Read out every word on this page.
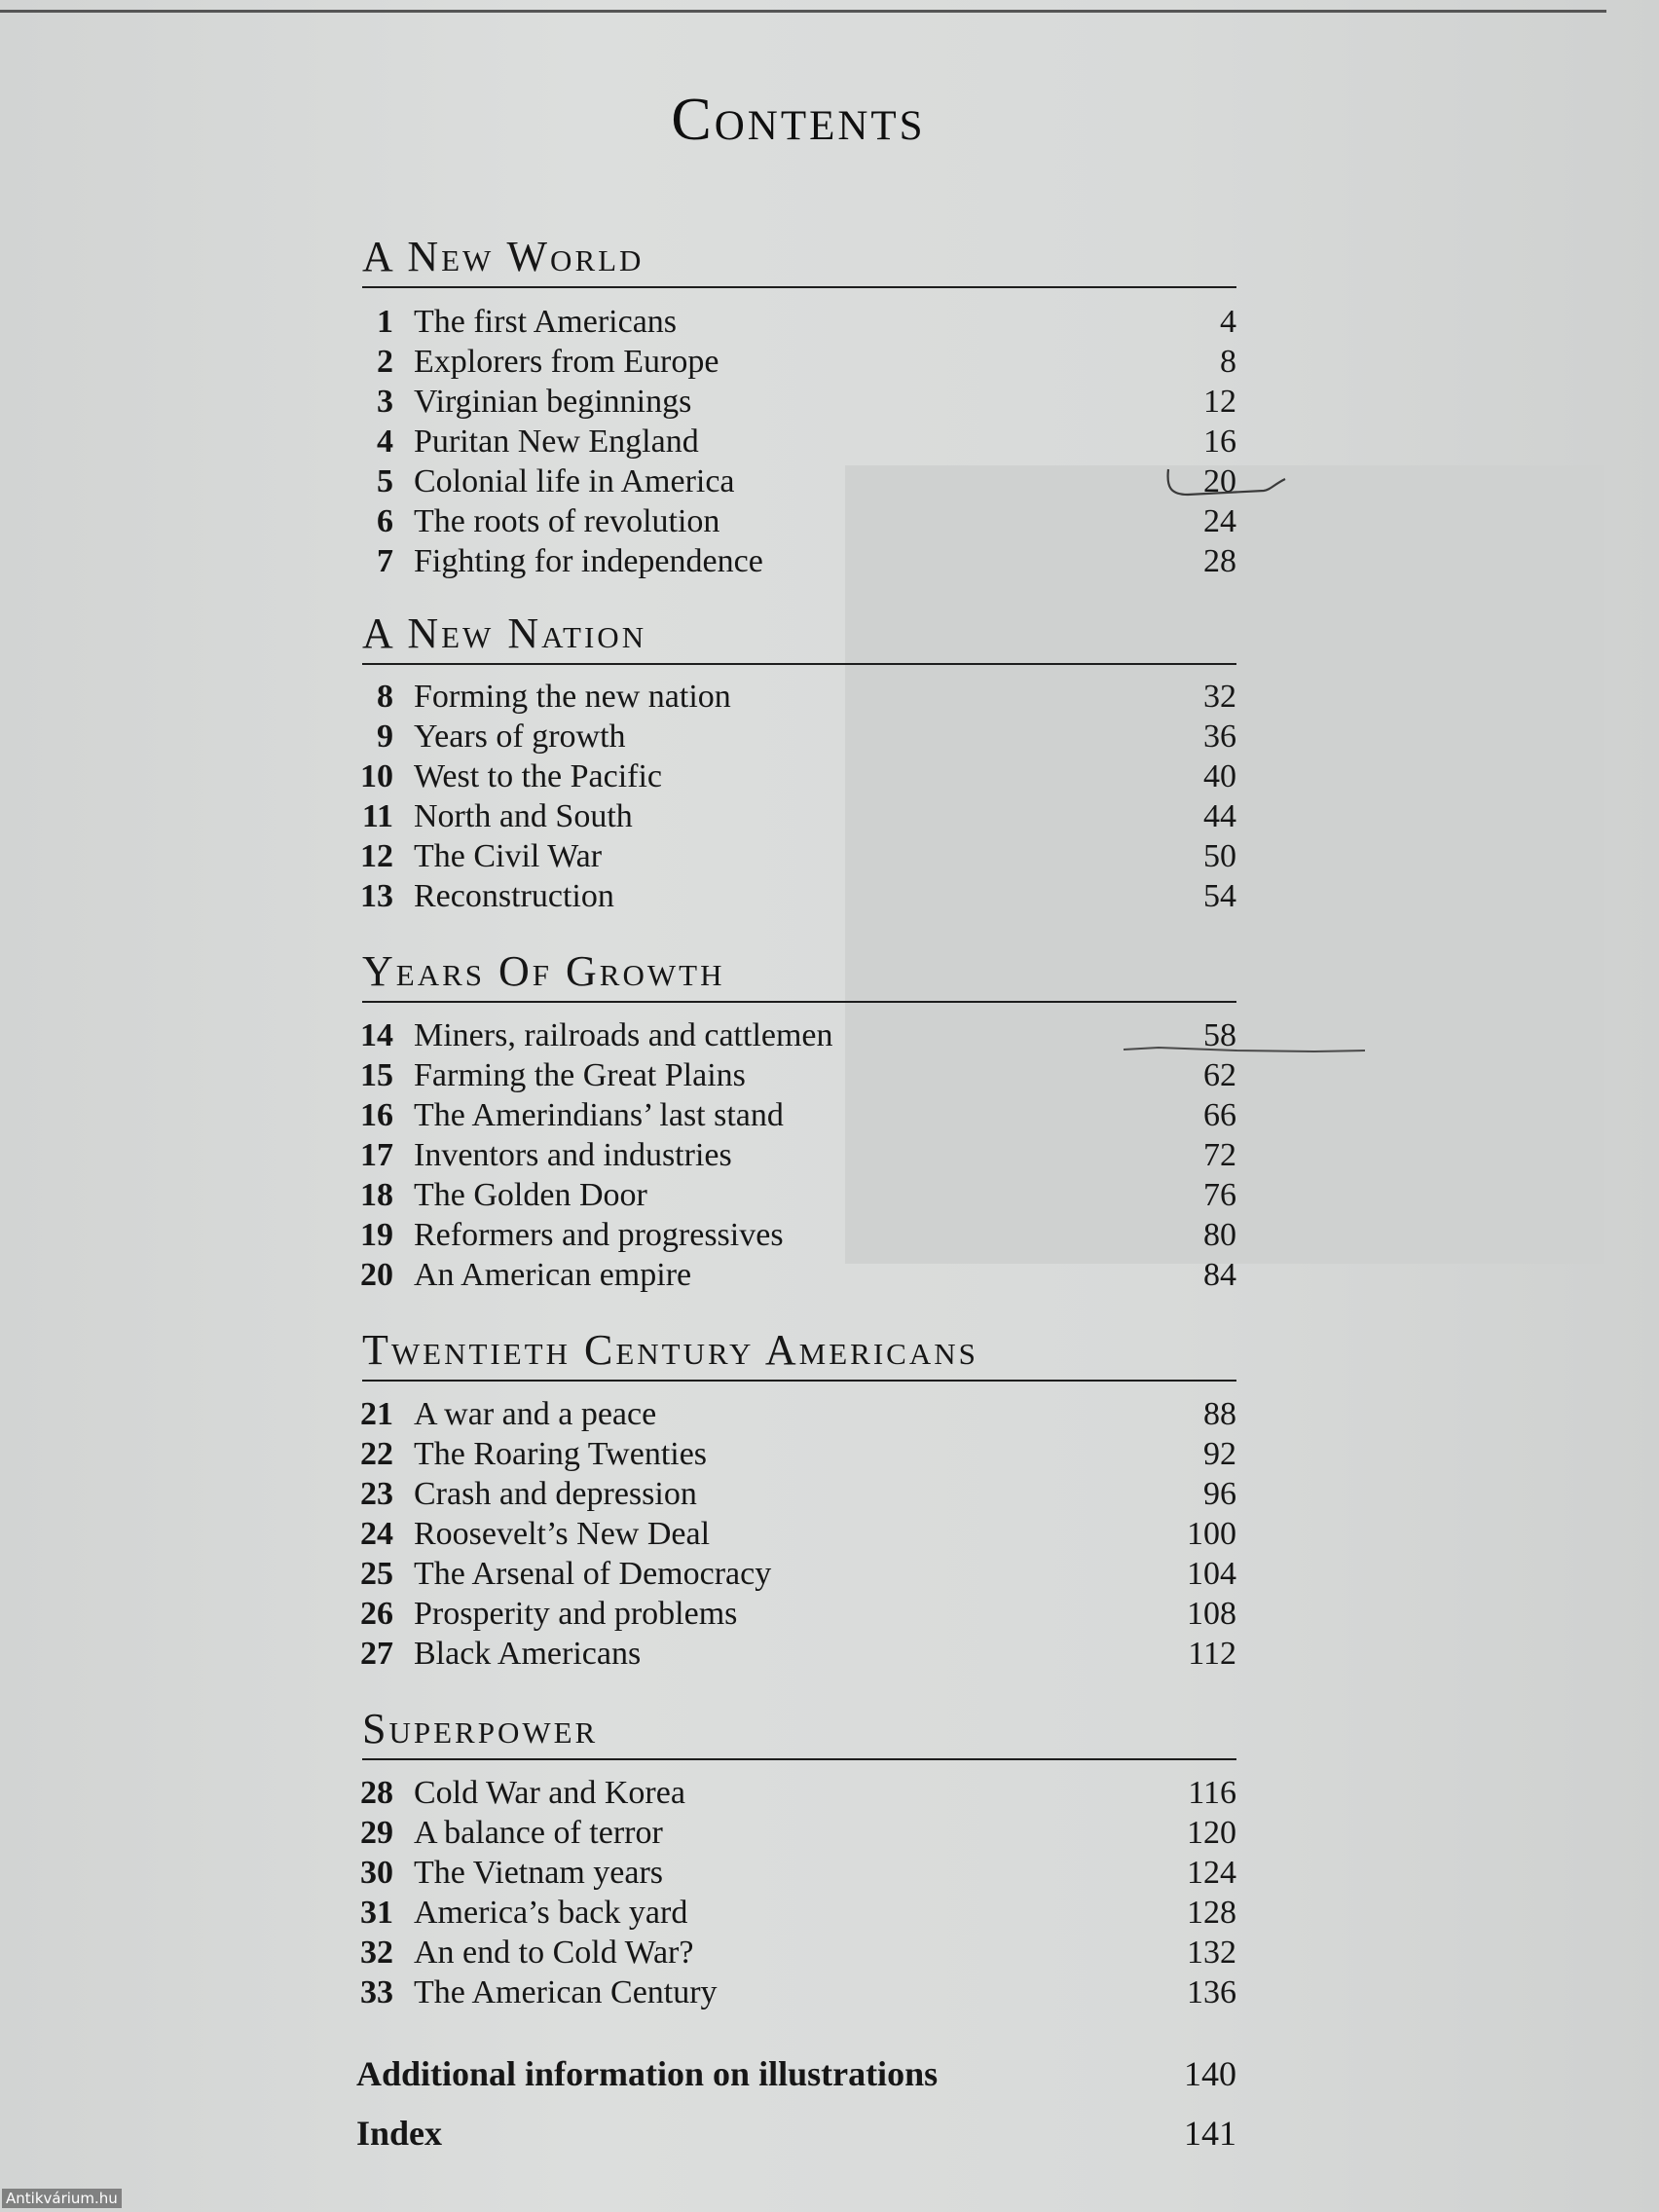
Contents
A New World
1 The first Americans	4
2 Explorers from Europe	8
3 Virginian beginnings	12
4 Puritan New England	16
5 Colonial life in America	20
6 The roots of revolution	24
7 Fighting for independence	28
A New Nation
8 Forming the new nation	32
9 Years of growth	36
10 West to the Pacific	40
11 North and South	44
12 The Civil War	50
13 Reconstruction	54
Years Of Growth
14 Miners, railroads and cattlemen	58
15 Farming the Great Plains	62
16 The Amerindians’ last stand	66
17 Inventors and industries	72
18 The Golden Door	76
19 Reformers and progressives	80
20 An American empire	84
Twentieth Century Americans
21 A war and a peace	88
22 The Roaring Twenties	92
23 Crash and depression	96
24 Roosevelt’s New Deal	100
25 The Arsenal of Democracy	104
26 Prosperity and problems	108
27 Black Americans	112
Superpower
28 Cold War and Korea	116
29 A balance of terror	120
30 The Vietnam years	124
31 America’s back yard	128
32 An end to Cold War?	132
33 The American Century	136
Additional information on illustrations	140
Index	141
Antikvárium.hu
